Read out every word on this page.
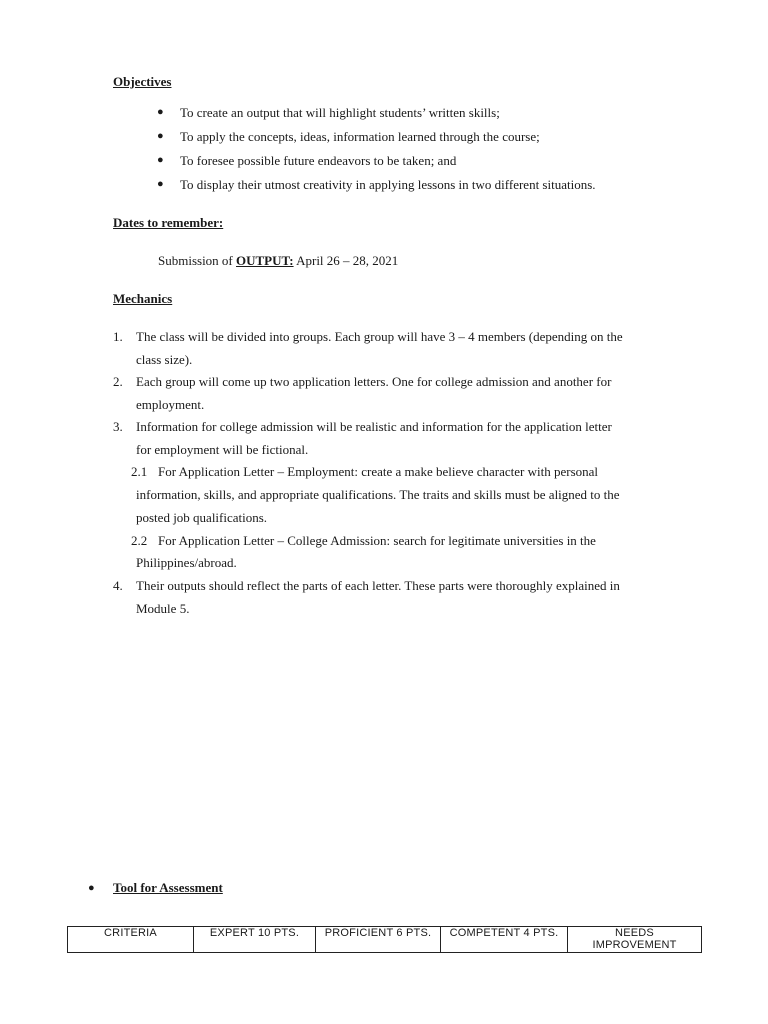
Objectives
● To create an output that will highlight students’ written skills;
● To apply the concepts, ideas, information learned through the course;
● To foresee possible future endeavors to be taken; and
● To display their utmost creativity in applying lessons in two different situations.
Dates to remember:
Submission of OUTPUT: April 26 – 28, 2021
Mechanics
1. The class will be divided into groups. Each group will have 3 – 4 members (depending on the
class size).
2. Each group will come up two application letters. One for college admission and another for
employment.
3. Information for college admission will be realistic and information for the application letter
for employment will be fictional.
2.1 For Application Letter – Employment: create a make believe character with personal
information, skills, and appropriate qualifications. The traits and skills must be aligned to the
posted job qualifications.
2.2 For Application Letter – College Admission: search for legitimate universities in the
Philippines/abroad.
4. Their outputs should reflect the parts of each letter. These parts were thoroughly explained in
Module 5.
● Tool for Assessment
CRITERIA	EXPERT 10 PTS.	PROFICIENT 6 PTS.	COMPETENT 4 PTS.	NEEDS IMPROVEMENT
